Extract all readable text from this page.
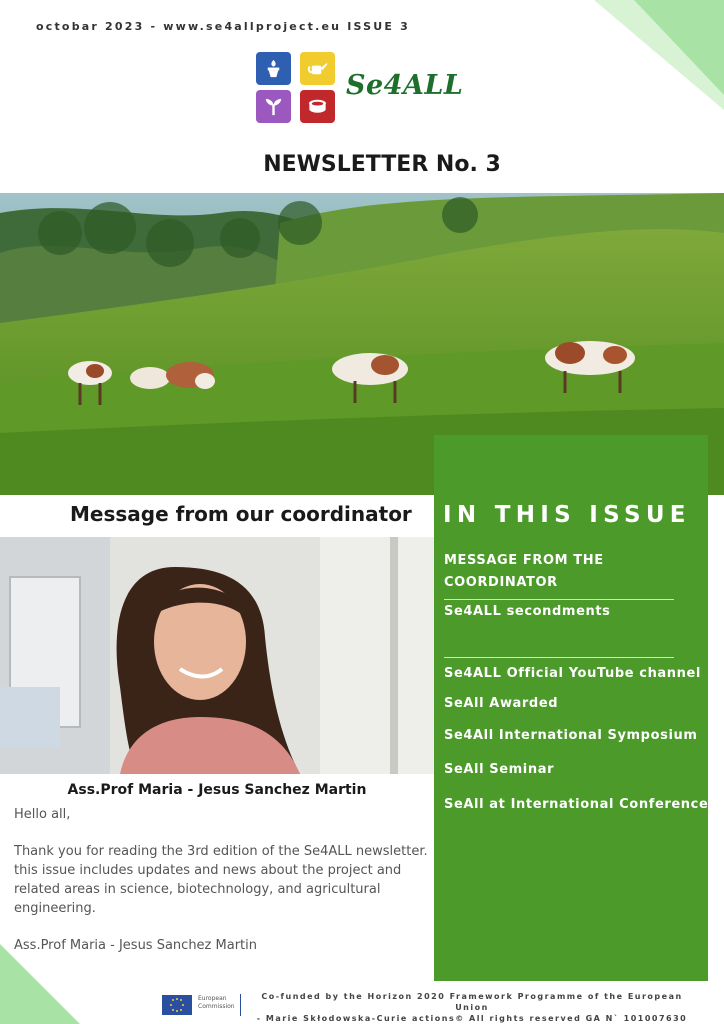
octobar 2023 - www.se4allproject.eu ISSUE 3
Se4ALL
NEWSLETTER No. 3
Message from our coordinator
Ass.Prof Maria - Jesus Sanchez Martin

Hello all,

Thank you for reading the 3rd edition of the Se4ALL newsletter. this issue includes updates and news about the project and related areas in science, biotechnology, and agricultural engineering.

Ass.Prof Maria - Jesus Sanchez Martin

IN THIS ISSUE
MESSAGE FROM THE
COORDINATOR
Se4ALL secondments
Se4ALL Official YouTube channel
SeAll Awarded
Se4All International Symposium
SeAll Seminar
SeAll at International Conference
European
Commission
Co-funded by the Horizon 2020 Framework Programme of the European Union
- Marie Skłodowska-Curie actions© All rights reserved GA N` 101007630
